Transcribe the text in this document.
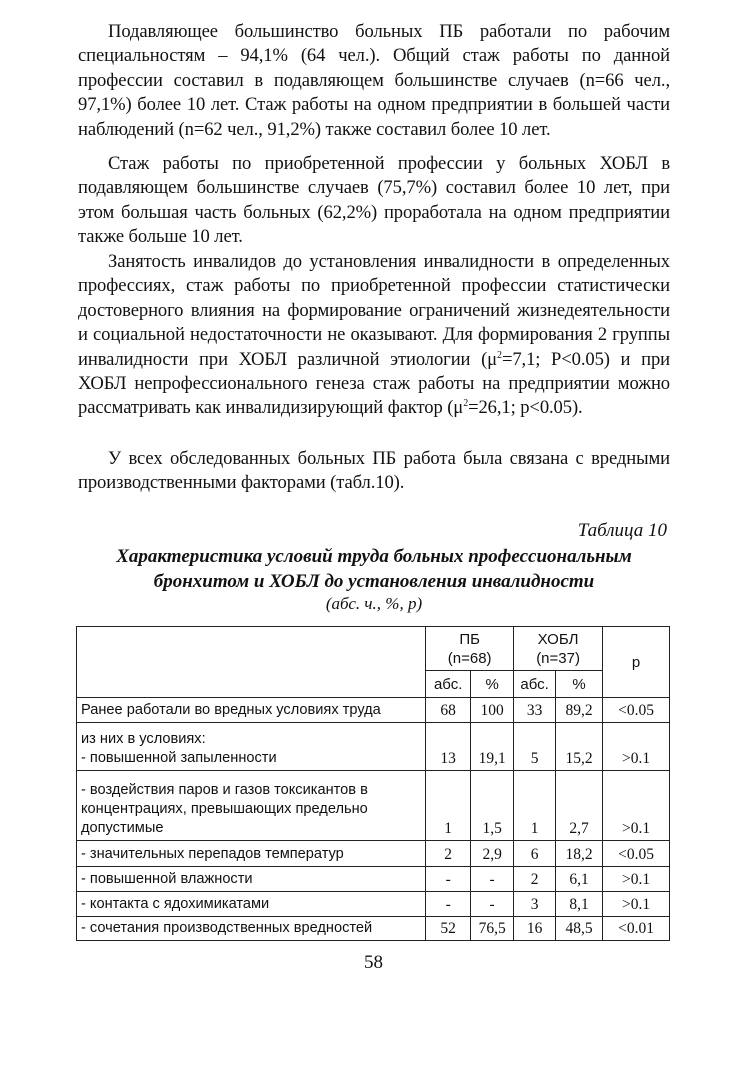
Подавляющее большинство больных ПБ работали по рабочим специальностям – 94,1% (64 чел.). Общий стаж работы по данной профессии составил в подавляющем большинстве случаев (n=66 чел., 97,1%) более 10 лет. Стаж работы на одном предприятии в большей части наблюдений (n=62 чел., 91,2%) также составил более 10 лет.

Стаж работы по приобретенной профессии у больных ХОБЛ в подавляющем большинстве случаев (75,7%) составил более 10 лет, при этом большая часть больных (62,2%) проработала на одном предприятии также больше 10 лет.

Занятость инвалидов до установления инвалидности в определенных профессиях, стаж работы по приобретенной профессии статистически достоверного влияния на формирование ограничений жизнедеятельности и социальной недостаточности не оказывают. Для формирования 2 группы инвалидности при ХОБЛ различной этиологии ($\mu^2=7,1$; P<0.05) и при ХОБЛ непрофессионального генеза стаж работы на предприятии можно рассматривать как инвалидизирующий фактор ($\mu^2=26,1$; p<0.05).

У всех обследованных больных ПБ работа была связана с вредными производственными факторами (табл.10).

Таблица 10

Характеристика условий труда больных профессиональным
бронхитом и ХОБЛ до установления инвалидности

(абс. ч., %, р)

	ПБ
(n=68)		ХОБЛ
(n=37)		р
	абс.	%	абс.	%	
Ранее работали во вредных условиях труда	68	100	33	89,2	<0.05
из них в условиях:
- повышенной запыленности	13	19,1	5	15,2	>0.1
- воздействия паров и газов токсикантов в концентрациях, превышающих предельно допустимые	1	1,5	1	2,7	>0.1
- значительных перепадов температур	2	2,9	6	18,2	<0.05
- повышенной влажности	-	-	2	6,1	>0.1
- контакта с ядохимикатами	-	-	3	8,1	>0.1
- сочетания производственных вредностей	52	76,5	16	48,5	<0.01

58
